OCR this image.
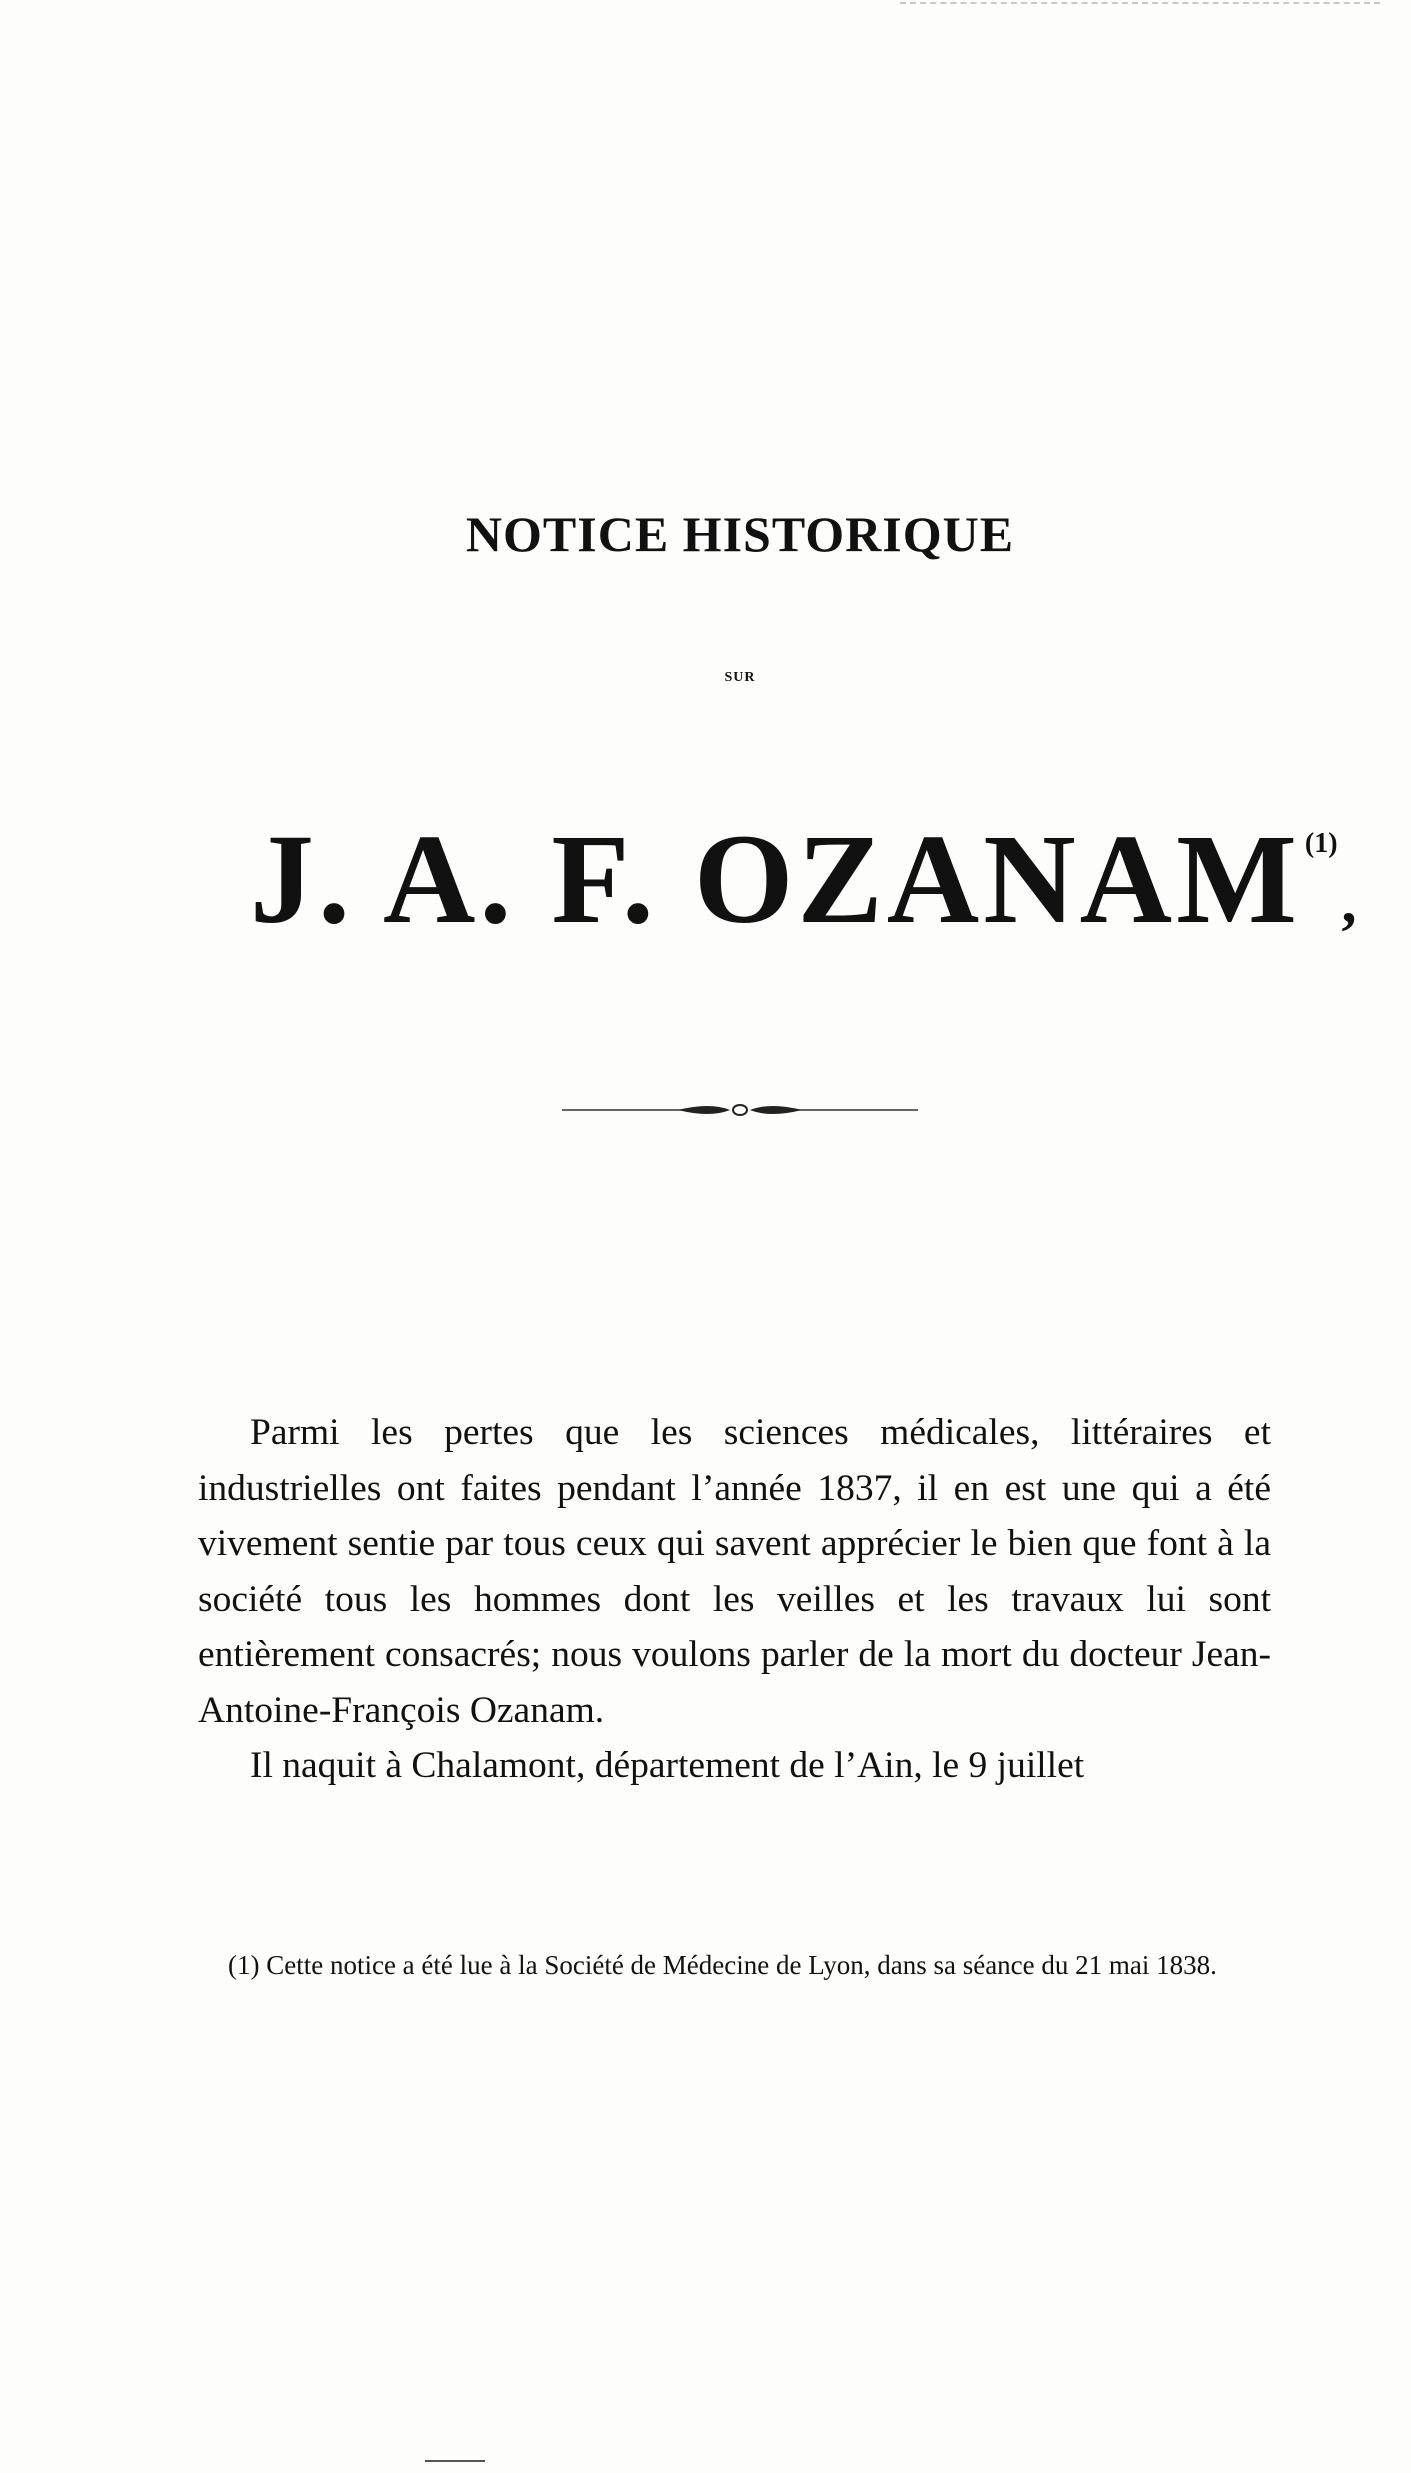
NOTICE HISTORIQUE
SUR
J. A. F. OZANAM $^{(1)}$,

Parmi les pertes que les sciences médicales, littéraires et industrielles ont faites pendant l’année 1837, il en est une qui a été vivement sentie par tous ceux qui savent apprécier le bien que font à la société tous les hommes dont les veilles et les travaux lui sont entièrement consacrés; nous voulons parler de la mort du docteur Jean-Antoine-François Ozanam.

Il naquit à Chalamont, département de l’Ain, le 9 juillet

(1) Cette notice a été lue à la Société de Médecine de Lyon, dans sa séance du 21 mai 1838.
